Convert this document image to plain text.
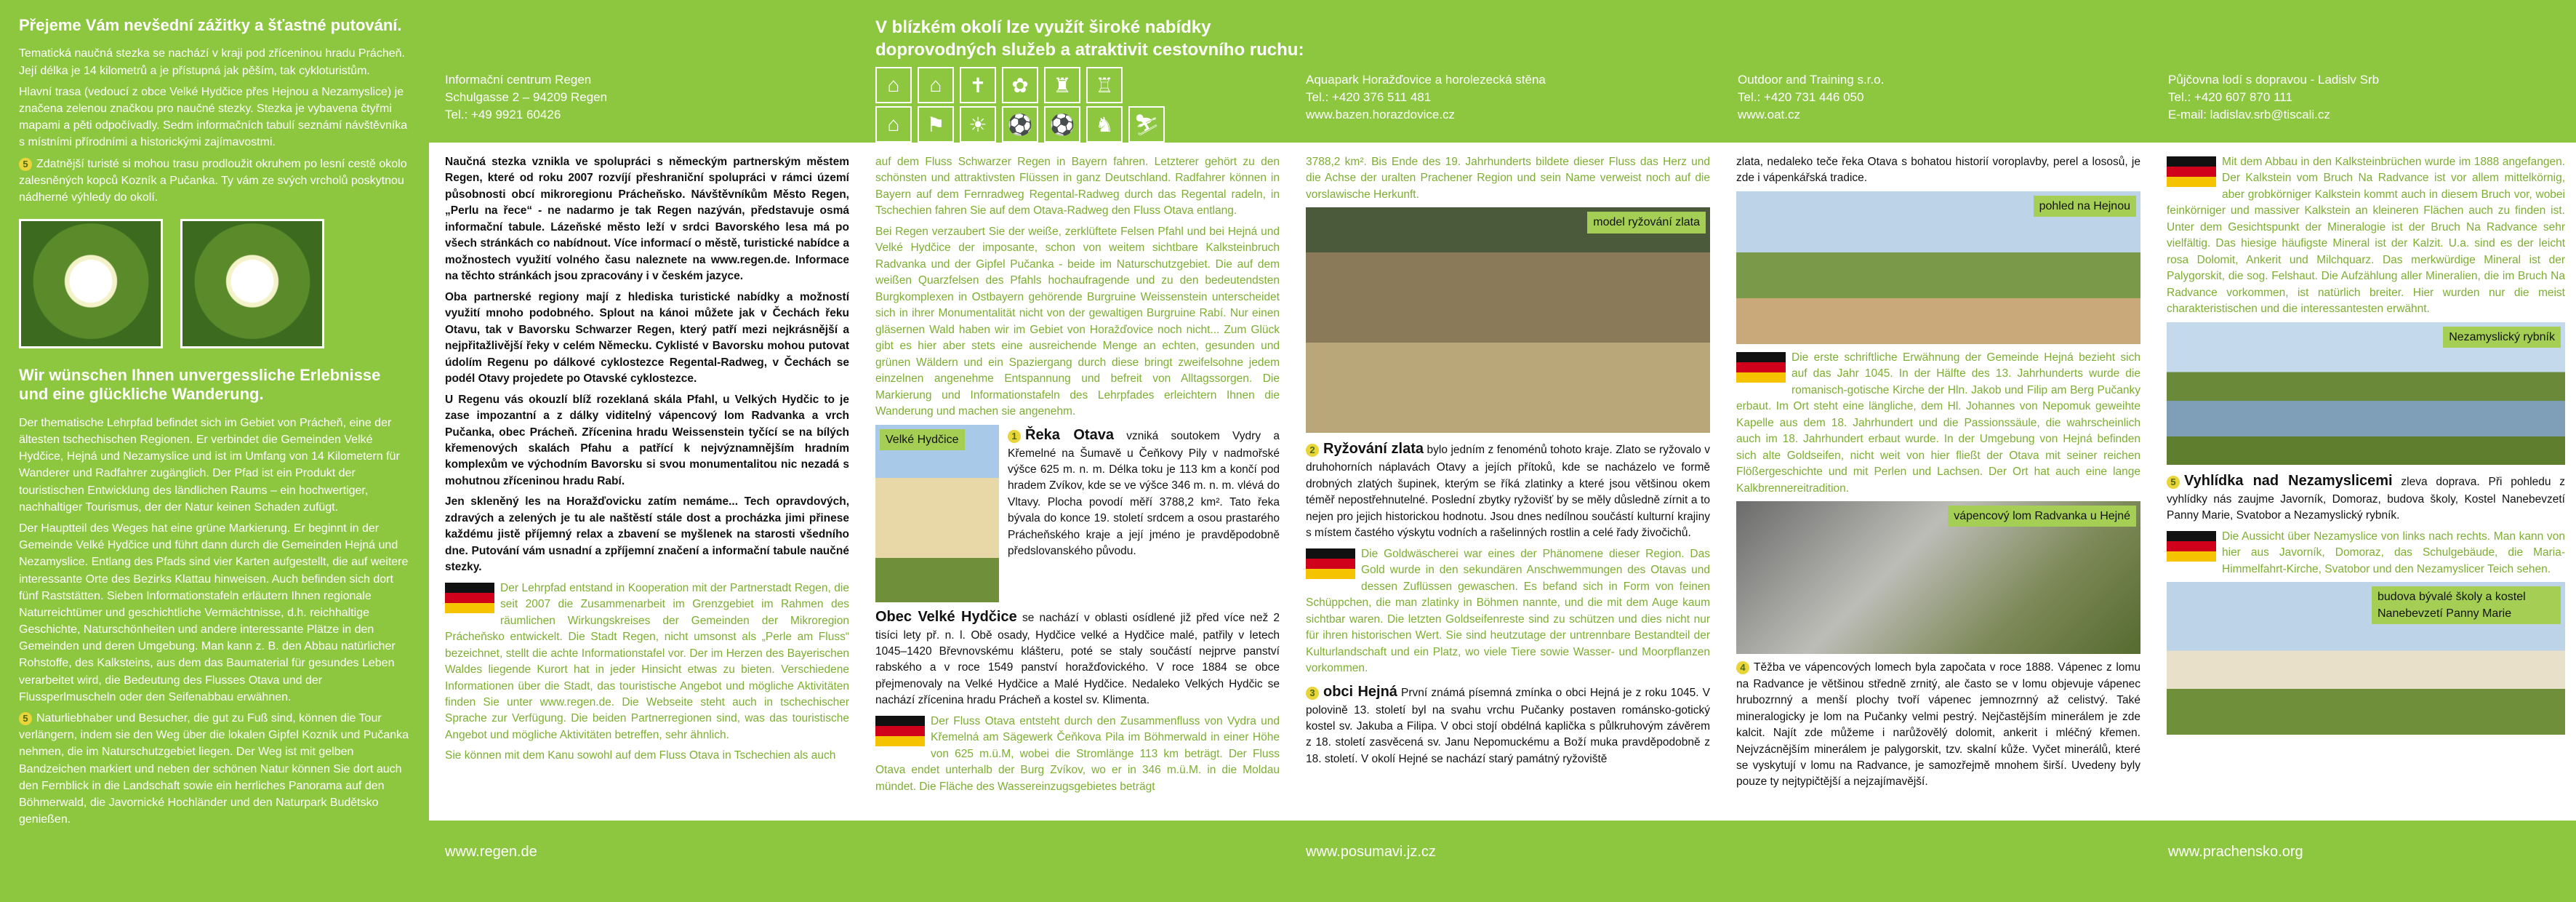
Přejeme Vám nevšední zážitky a šťastné putování.

Tematická naučná stezka se nachází v kraji pod zříceninou hradu Prácheň. Její délka je 14 kilometrů a je přístupná jak pěším, tak cykloturistům.

Hlavní trasa (vedoucí z obce Velké Hydčice přes Hejnou a Nezamyslice) je značena zelenou značkou pro naučné stezky. Stezka je vybavena čtyřmi mapami a pěti odpočívadly. Sedm informačních tabulí seznámí návštěvníka s místními přírodními a historickými zajímavostmi.

5 Zdatnější turisté si mohou trasu prodloužit okruhem po lesní cestě okolo zalesněných kopců Kozník a Pučanka. Ty vám ze svých vrcholů poskytnou nádherné výhledy do okolí.

Wir wünschen Ihnen unvergessliche Erlebnisse und eine glückliche Wanderung.

Der thematische Lehrpfad befindet sich im Gebiet von Prácheň, eine der ältesten tschechischen Regionen. Er verbindet die Gemeinden Velké Hydčice, Hejná und Nezamyslice und ist im Umfang von 14 Kilometern für Wanderer und Radfahrer zugänglich. Der Pfad ist ein Produkt der touristischen Entwicklung des ländlichen Raums – ein hochwertiger, nachhaltiger Tourismus, der der Natur keinen Schaden zufügt.

Der Hauptteil des Weges hat eine grüne Markierung. Er beginnt in der Gemeinde Velké Hydčice und führt dann durch die Gemeinden Hejná und Nezamyslice. Entlang des Pfads sind vier Karten aufgestellt, die auf weitere interessante Orte des Bezirks Klattau hinweisen. Auch befinden sich dort fünf Raststätten. Sieben Informationstafeln erläutern Ihnen regionale Naturreichtümer und geschichtliche Vermächtnisse, d.h. reichhaltige Geschichte, Naturschönheiten und andere interessante Plätze in den Gemeinden und deren Umgebung. Man kann z. B. den Abbau natürlicher Rohstoffe, des Kalksteins, aus dem das Baumaterial für gesundes Leben verarbeitet wird, die Bedeutung des Flusses Otava und der Flussperlmuscheln oder den Seifenabbau erwähnen.

5 Naturliebhaber und Besucher, die gut zu Fuß sind, können die Tour verlängern, indem sie den Weg über die lokalen Gipfel Kozník und Pučanka nehmen, die im Naturschutzgebiet liegen. Der Weg ist mit gelben Bandzeichen markiert und neben der schönen Natur können Sie dort auch den Fernblick in die Landschaft sowie ein herrliches Panorama auf den Böhmerwald, die Javornické Hochländer und den Naturpark Budětsko genießen.

Informační centrum Regen
Schulgasse 2 – 94209 Regen
Tel.: +49 9921 60426
V blízkém okolí lze využít široké nabídky
doprovodných služeb a atraktivit cestovního ruchu:
⌂	⌂	✝	✿	♜	♖
⌂	⚑	☀	⚽ ⚽	♞ ⛷
Aquapark Horažďovice a horolezecká stěna
Tel.: +420 376 511 481
www.bazen.horazdovice.cz
Outdoor and Training s.r.o.
Tel.: +420 731 446 050
www.oat.cz
Půjčovna lodí s dopravou - Ladislv Srb
Tel.: +420 607 870 111
E-mail: ladislav.srb@tiscali.cz
www.regen.de	www.posumavi.jz.cz	www.prachensko.org

Naučná stezka vznikla ve spolupráci s německým partnerským městem Regen, které od roku 2007 rozvíjí přeshraniční spolupráci v rámci území působnosti obcí mikroregionu Prácheňsko. Návštěvníkům Město Regen, „Perlu na řece“ - ne nadarmo je tak Regen nazýván, představuje osmá informační tabule. Lázeňské město leží v srdci Bavorského lesa má po všech stránkách co nabídnout. Více informací o městě, turistické nabídce a možnostech využití volného času naleznete na www.regen.de. Informace na těchto stránkách jsou zpracovány i v českém jazyce.

Oba partnerské regiony mají z hlediska turistické nabídky a možností využití mnoho podobného. Splout na kánoi můžete jak v Čechách řeku Otavu, tak v Bavorsku Schwarzer Regen, který patří mezi nejkrásnější a nejpřitažlivější řeky v celém Německu. Cyklisté v Bavorsku mohou putovat údolím Regenu po dálkové cyklostezce Regental-Radweg, v Čechách se podél Otavy projedete po Otavské cyklostezce.

U Regenu vás okouzlí blíž rozeklaná skála Pfahl, u Velkých Hydčic to je zase impozantní a z dálky viditelný vápencový lom Radvanka a vrch Pučanka, obec Prácheň. Zřícenina hradu Weissenstein tyčící se na bílých křemenových skalách Pfahu a patřící k nejvýznamnějším hradním komplexům ve východním Bavorsku si svou monumentalitou nic nezadá s mohutnou zříceninou hradu Rabí.

Jen skleněný les na Horažďovicku zatím nemáme... Tech opravdových, zdravých a zelených je tu ale naštěstí stále dost a procházka jimi přinese každému jistě příjemný relax a zbavení se myšlenek na starosti všedního dne. Putování vám usnadní a zpříjemní značení a informační tabule naučné stezky.

Der Lehrpfad entstand in Kooperation mit der Partnerstadt Regen, die seit 2007 die Zusammenarbeit im Grenzgebiet im Rahmen des räumlichen Wirkungskreises der Gemeinden der Mikroregion Prácheňsko entwickelt. Die Stadt Regen, nicht umsonst als „Perle am Fluss“ bezeichnet, stellt die achte Informationstafel vor. Der im Herzen des Bayerischen Waldes liegende Kurort hat in jeder Hinsicht etwas zu bieten. Verschiedene Informationen über die Stadt, das touristische Angebot und mögliche Aktivitäten finden Sie unter www.regen.de. Die Webseite steht auch in tschechischer Sprache zur Verfügung. Die beiden Partnerregionen sind, was das touristische Angebot und mögliche Aktivitäten betreffen, sehr ähnlich.

Sie können mit dem Kanu sowohl auf dem Fluss Otava in Tschechien als auch

auf dem Fluss Schwarzer Regen in Bayern fahren. Letzterer gehört zu den schönsten und attraktivsten Flüssen in ganz Deutschland. Radfahrer können in Bayern auf dem Fernradweg Regental-Radweg durch das Regental radeln, in Tschechien fahren Sie auf dem Otava-Radweg den Fluss Otava entlang.

Bei Regen verzaubert Sie der weiße, zerklüftete Felsen Pfahl und bei Hejná und Velké Hydčice der imposante, schon von weitem sichtbare Kalksteinbruch Radvanka und der Gipfel Pučanka - beide im Naturschutzgebiet. Die auf dem weißen Quarzfelsen des Pfahls hochaufragende und zu den bedeutendsten Burgkomplexen in Ostbayern gehörende Burgruine Weissenstein unterscheidet sich in ihrer Monumentalität nicht von der gewaltigen Burgruine Rabí. Nur einen gläsernen Wald haben wir im Gebiet von Horažďovice noch nicht... Zum Glück gibt es hier aber stets eine ausreichende Menge an echten, gesunden und grünen Wäldern und ein Spaziergang durch diese bringt zweifelsohne jedem einzelnen angenehme Entspannung und befreit von Alltagssorgen. Die Markierung und Informationstafeln des Lehrpfades erleichtern Ihnen die Wanderung und machen sie angenehm.

Velké Hydčice	1 Řeka Otava vzniká soutokem Vydry a Křemelné na Šumavě u Čeňkovy Pily v nadmořské výšce 625 m. n. m. Délka toku je 113 km a končí pod hradem Zvíkov, kde se ve výšce 346 m. n. m. vlévá do Vltavy. Plocha povodí měří 3788,2 km². Tato řeka bývala do konce 19. století srdcem a osou prastarého Prácheňského kraje a její jméno je pravděpodobně předslovanského původu.

Obec Velké Hydčice se nachází v oblasti osídlené již před více než 2 tisíci lety př. n. l. Obě osady, Hydčice velké a Hydčice malé, patřily v letech 1045–1420 Břevnovskému klášteru, poté se staly součástí nejprve panství rabského a v roce 1549 panství horažďovického. V roce 1884 se obce přejmenovaly na Velké Hydčice a Malé Hydčice. Nedaleko Velkých Hydčic se nachází zřícenina hradu Prácheň a kostel sv. Klimenta.

Der Fluss Otava entsteht durch den Zusammenfluss von Vydra und Křemelná am Sägewerk Čeňkova Pila im Böhmerwald in einer Höhe von 625 m.ü.M, wobei die Stromlänge 113 km beträgt. Der Fluss Otava endet unterhalb der Burg Zvíkov, wo er in 346 m.ü.M. in die Moldau mündet. Die Fläche des Wassereinzugsgebietes beträgt

3788,2 km². Bis Ende des 19. Jahrhunderts bildete dieser Fluss das Herz und die Achse der uralten Prachener Region und sein Name verweist noch auf die vorslawische Herkunft.

model ryžování zlata

2 Ryžování zlata bylo jedním z fenoménů tohoto kraje. Zlato se ryžovalo v druhohorních náplavách Otavy a jejích přítoků, kde se nacházelo ve formě drobných zlatých šupinek, kterým se říká zlatinky a které jsou většinou okem téměř nepostřehnutelné. Poslední zbytky ryžovišť by se měly důsledně zírnit a to nejen pro jejich historickou hodnotu. Jsou dnes nedílnou součástí kulturní krajiny s místem častého výskytu vodních a rašelinných rostlin a celé řady živočichů.

Die Goldwäscherei war eines der Phänomene dieser Region. Das Gold wurde in den sekundären Anschwemmungen des Otavas und dessen Zuflüssen gewaschen. Es befand sich in Form von feinen Schüppchen, die man zlatinky in Böhmen nannte, und die mit dem Auge kaum sichtbar waren. Die letzten Goldseifenreste sind zu schützen und dies nicht nur für ihren historischen Wert. Sie sind heutzutage der untrennbare Bestandteil der Kulturlandschaft und ein Platz, wo viele Tiere sowie Wasser- und Moorpflanzen vorkommen.

3 obci Hejná První známá písemná zmínka o obci Hejná je z roku 1045. V polovině 13. století byl na svahu vrchu Pučanky postaven románsko-gotický kostel sv. Jakuba a Filipa. V obci stojí obdélná kaplička s půlkruhovým závěrem z 18. století zasvěcená sv. Janu Nepomuckému a Boží muka pravděpodobně z 18. století. V okolí Hejné se nachází starý památný ryžoviště

zlata, nedaleko teče řeka Otava s bohatou historií voroplavby, perel a lososů, je zde i vápenkářská tradice.

pohled na Hejnou

Die erste schriftliche Erwähnung der Gemeinde Hejná bezieht sich auf das Jahr 1045. In der Hälfte des 13. Jahrhunderts wurde die romanisch-gotische Kirche der Hln. Jakob und Filip am Berg Pučanky erbaut. Im Ort steht eine längliche, dem Hl. Johannes von Nepomuk geweihte Kapelle aus dem 18. Jahrhundert und die Passionssäule, die wahrscheinlich auch im 18. Jahrhundert erbaut wurde. In der Umgebung von Hejná befinden sich alte Goldseifen, nicht weit von hier fließt der Otava mit seiner reichen Flößergeschichte und mit Perlen und Lachsen. Der Ort hat auch eine lange Kalkbrennereitradition.

vápencový lom Radvanka u Hejné

4 Těžba ve vápencových lomech byla započata v roce 1888. Vápenec z lomu na Radvance je většinou středně zrnitý, ale často se v lomu objevuje vápenec hrubozrnný a menší plochy tvoří vápenec jemnozrnný až celistvý. Také mineralogicky je lom na Pučanky velmi pestrý. Nejčastějším minerálem je zde kalcit. Najít zde můžeme i narůžovělý dolomit, ankerit i mléčný křemen. Nejvzácnějším minerálem je palygorskit, tzv. skalní kůže. Vyčet minerálů, které se vyskytují v lomu na Radvance, je samozřejmě mnohem širší. Uvedeny byly pouze ty nejtypičtější a nejzajímavější.

Mit dem Abbau in den Kalksteinbrüchen wurde im 1888 angefangen. Der Kalkstein vom Bruch Na Radvance ist vor allem mittelkörnig, aber grobkörniger Kalkstein kommt auch in diesem Bruch vor, wobei feinkörniger und massiver Kalkstein an kleineren Flächen auch zu finden ist. Unter dem Gesichtspunkt der Mineralogie ist der Bruch Na Radvance sehr vielfältig. Das hiesige häufigste Mineral ist der Kalzit. U.a. sind es der leicht rosa Dolomit, Ankerit und Milchquarz. Das merkwürdige Mineral ist der Palygorskit, die sog. Felshaut. Die Aufzählung aller Mineralien, die im Bruch Na Radvance vorkommen, ist natürlich breiter. Hier wurden nur die meist charakteristischen und die interessantesten erwähnt.

Nezamyslický rybník

5 Vyhlídka nad Nezamyslicemi zleva doprava. Při pohledu z vyhlídky nás zaujme Javorník, Domoraz, budova školy, Kostel Nanebevzetí Panny Marie, Svatobor a Nezamyslický rybník.

Die Aussicht über Nezamyslice von links nach rechts. Man kann von hier aus Javorník, Domoraz, das Schulgebäude, die Maria-Himmelfahrt-Kirche, Svatobor und den Nezamyslicer Teich sehen.

budova bývalé školy a kostel Nanebevzetí Panny Marie
